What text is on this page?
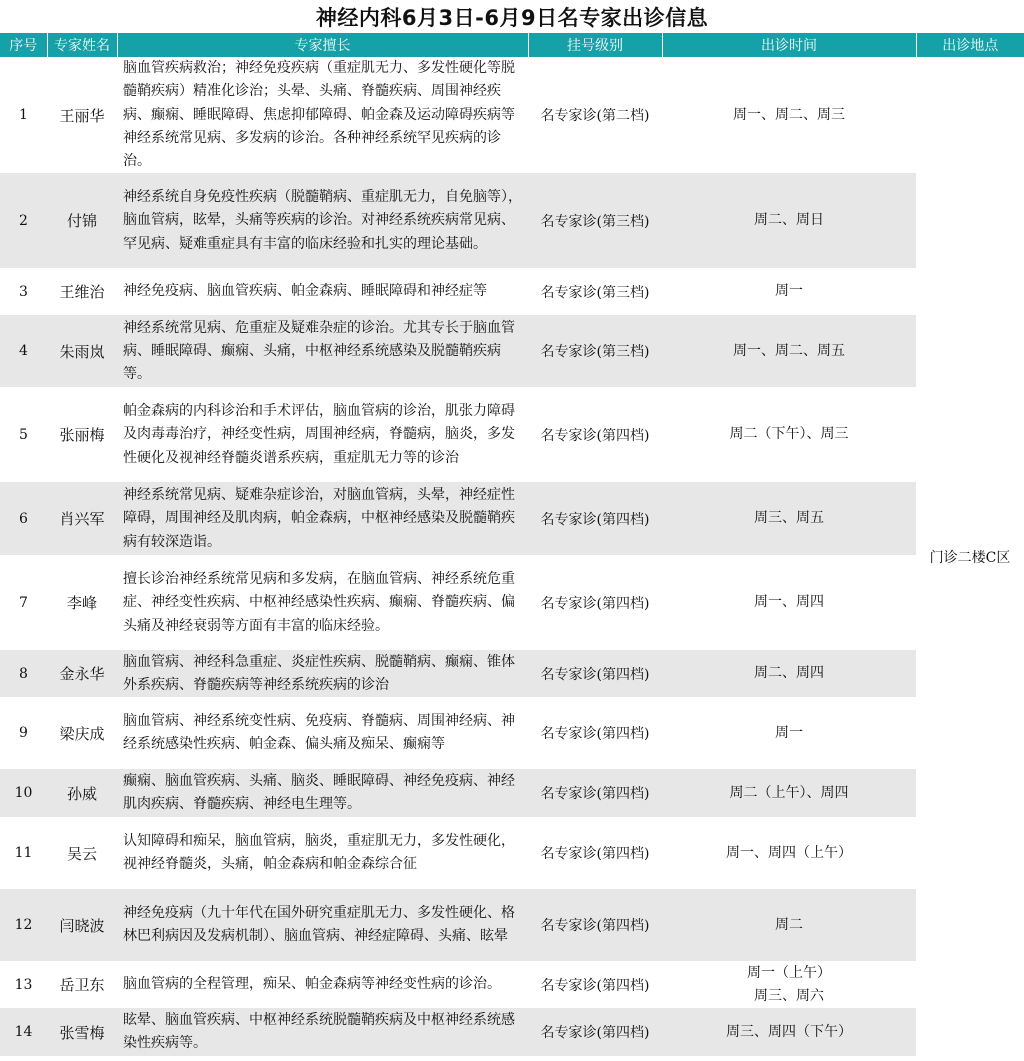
神经内科6月3日-6月9日名专家出诊信息
序号	专家姓名	专家擅长	挂号级别	出诊时间	出诊地点
1	王丽华	脑血管疾病救治；神经免疫疾病（重症肌无力、多发性硬化等脱髓鞘疾病）精准化诊治；头晕、头痛、脊髓疾病、周围神经疾病、癫痫、睡眠障碍、焦虑抑郁障碍、帕金森及运动障碍疾病等神经系统常见病、多发病的诊治。各种神经系统罕见疾病的诊治。	名专家诊(第二档)	周一、周二、周三	门诊二楼C区
2	付锦	神经系统自身免疫性疾病（脱髓鞘病、重症肌无力，自免脑等），脑血管病，眩晕，头痛等疾病的诊治。对神经系统疾病常见病、罕见病、疑难重症具有丰富的临床经验和扎实的理论基础。	名专家诊(第三档)	周二、周日	

3	王维治	神经免疫病、脑血管疾病、帕金森病、睡眠障碍和神经症等	名专家诊(第三档)	周一	

4	朱雨岚	神经系统常见病、危重症及疑难杂症的诊治。尤其专长于脑血管病、睡眠障碍、癫痫、头痛，中枢神经系统感染及脱髓鞘疾病等。	名专家诊(第三档)	周一、周二、周五	

5	张丽梅	帕金森病的内科诊治和手术评估，脑血管病的诊治，肌张力障碍及肉毒毒治疗，神经变性病，周围神经病，脊髓病，脑炎，多发性硬化及视神经脊髓炎谱系疾病，重症肌无力等的诊治	名专家诊(第四档)	周二（下午）、周三	

6	肖兴军	神经系统常见病、疑难杂症诊治，对脑血管病，头晕，神经症性障碍，周围神经及肌肉病，帕金森病，中枢神经感染及脱髓鞘疾病有较深造诣。	名专家诊(第四档)	周三、周五	

7	李峰	擅长诊治神经系统常见病和多发病，在脑血管病、神经系统危重症、神经变性疾病、中枢神经感染性疾病、癫痫、脊髓疾病、偏头痛及神经衰弱等方面有丰富的临床经验。	名专家诊(第四档)	周一、周四	

8	金永华	脑血管病、神经科急重症、炎症性疾病、脱髓鞘病、癫痫、锥体外系疾病、脊髓疾病等神经系统疾病的诊治	名专家诊(第四档)	周二、周四	

9	梁庆成	脑血管病、神经系统变性病、免疫病、脊髓病、周围神经病、神经系统感染性疾病、帕金森、偏头痛及痴呆、癫痫等	名专家诊(第四档)	周一	

10	孙威	癫痫、脑血管疾病、头痛、脑炎、睡眠障碍、神经免疫病、神经肌肉疾病、脊髓疾病、神经电生理等。	名专家诊(第四档)	周二（上午）、周四	

11	吴云	认知障碍和痴呆，脑血管病，脑炎，重症肌无力，多发性硬化，视神经脊髓炎，头痛，帕金森病和帕金森综合征	名专家诊(第四档)	周一、周四（上午）	

12	闫晓波	神经免疫病（九十年代在国外研究重症肌无力、多发性硬化、格林巴利病因及发病机制）、脑血管病、神经症障碍、头痛、眩晕	名专家诊(第四档)	周二	

13	岳卫东	脑血管病的全程管理，痴呆、帕金森病等神经变性病的诊治。	名专家诊(第四档)	周一（上午）
周三、周六	

14	张雪梅	眩晕、脑血管疾病、中枢神经系统脱髓鞘疾病及中枢神经系统感染性疾病等。	名专家诊(第四档)	周三、周四（下午）	
